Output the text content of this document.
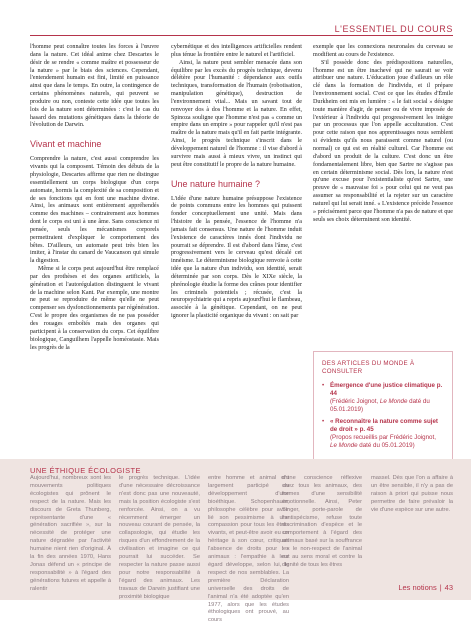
L'ESSENTIEL DU COURS

l'homme peut connaître toutes les forces à l'œuvre dans la nature. Cet idéal anime chez Descartes le désir de se rendre « comme maître et possesseur de la nature » par le biais des sciences. Cependant, l'entendement humain est fini, limité en puissance ainsi que dans le temps. En outre, la contingence de certains phénomènes naturels, qui peuvent se produire ou non, conteste cette idée que toutes les lois de la nature sont déterminées : c'est le cas du hasard des mutations génétiques dans la théorie de l'évolution de Darwin.

Vivant et machine

Comprendre la nature, c'est aussi comprendre les vivants qui la composent. Témoin des débuts de la physiologie, Descartes affirme que rien ne distingue essentiellement un corps biologique d'un corps automate, hormis la complexité de sa composition et de ses fonctions qui en font une machine divine. Ainsi, les animaux sont entièrement appréhendés comme des machines – contrairement aux hommes dont le corps est uni à une âme. Sans conscience ni pensée, seuls les mécanismes corporels permettraient d'expliquer le comportement des bêtes. D'ailleurs, un automate peut très bien les imiter, à l'instar du canard de Vaucanson qui simule la digestion.

Même si le corps peut aujourd'hui être remplacé par des prothèses et des organes artificiels, la génération et l'autorégulation distinguent le vivant de la machine selon Kant. Par exemple, une montre ne peut se reproduire de même qu'elle ne peut compenser ses dysfonctionnements par régénération. C'est le propre des organismes de ne pas posséder des rouages emboîtés mais des organes qui participent à la conservation du corps. Cet équilibre biologique, Canguilhem l'appelle homéostasie. Mais les progrès de la

cybernétique et des intelligences artificielles rendent plus ténue la frontière entre le naturel et l'artificiel.

Ainsi, la nature peut sembler menacée dans son équilibre par les excès du progrès technique, devenu délétère pour l'humanité : dépendance aux outils techniques, transformation de l'humain (robotisation, manipulation génétique), destruction de l'environnement vital... Mais un savant tout de renvoyer dos à dos l'homme et la nature. En effet, Spinoza souligne que l'homme n'est pas « comme un empire dans un empire » pour rappeler qu'il n'est pas maître de la nature mais qu'il en fait partie intégrante. Ainsi, le progrès technique s'inscrit dans le développement naturel de l'homme : il vise d'abord à survivre mais aussi à mieux vivre, un instinct qui peut être constitutif le propre de la nature humaine.

Une nature humaine ?

L'idée d'une nature humaine présuppose l'existence de points communs entre les hommes qui puissent fonder conceptuellement une unité. Mais dans l'histoire de la pensée, l'essence de l'homme n'a jamais fait consensus. Une nature de l'homme induit l'existence de caractères innés dont l'individu ne pourrait se déprendre. Il est d'abord dans l'âme, c'est progressivement vers le cerveau qu'est décalé cet innéisme. Le déterminisme biologique renvoie à cette idée que la nature d'un individu, son identité, serait déterminée par son corps. Dès le XIXe siècle, la phrénologie étudie la forme des crânes pour identifier les criminels potentiels ; récusée, c'est la neuropsychiatrie qui a repris aujourd'hui le flambeau, associée à la génétique. Cependant, on ne peut ignorer la plasticité organique du vivant : on sait par

exemple que les connexions neuronales du cerveau se modifient au cours de l'existence.

S'il possède donc des prédispositions naturelles, l'homme est un être inachevé qui ne saurait se voir attribuer une nature. L'éducation joue d'ailleurs un rôle clé dans la formation de l'individu, et il prépare l'environnement social. C'est ce que les études d'Émile Durkheim ont mis en lumière : « le fait social » désigne toute manière d'agir, de penser ou de vivre imposée de l'extérieur à l'individu qui progressivement les intègre par un processus que l'on appelle acculturation. C'est pour cette raison que nos apprentissages nous semblent si évidents qu'ils nous paraissent comme naturel (ou normal) ce qui est en réalité culturel. Car l'homme est d'abord un produit de la culture. C'est donc un être fondamentalement libre, bien que Sartre ne s'agisse pas en certain déterminisme social. Dès lors, la nature n'est qu'une excuse pour l'existentialiste qu'est Sartre, une preuve de « mauvaise foi » pour celui qui ne veut pas assumer sa responsabilité et la rejeter sur un caractère naturel qui lui serait inné. « L'existence précède l'essence » précisément parce que l'homme n'a pas de nature et que seuls ses choix déterminent son identité.

DES ARTICLES DU MONDE À CONSULTER
• Émergence d'une justice climatique p. 44
(Frédéric Joignot, Le Monde daté du 05.01.2019)
• « Reconnaître la nature comme sujet de droit » p. 45
(Propos recueillis par Frédéric Joignot, Le Monde daté du 05.01.2019)
UNE ÉTHIQUE ÉCOLOGISTE
Aujourd'hui, nombreux sont les mouvements politiques écologistes qui prônent le respect de la nature. Mais les discours de Greta Thunberg, représentante d'une « génération sacrifiée », sur la nécessité de protéger une nature dégradée par l'activité humaine nient rien d'original. À la fin des années 1970, Hans Jonas défend un « principe de responsabilité » à l'égard des générations futures et appelle à ralentir
le progrès technique. L'idée d'une nécessaire décroissance n'est donc pas une nouveauté, mais la position écologiste s'est renforcée. Ainsi, on a vu récemment émerger un nouveau courant de pensée, la collapsologie, qui étudie les risques d'un effondrement de la civilisation et imagine ce qui pourrait lui succéder. Se respecter la nature passe aussi pour notre responsabilité à l'égard des animaux. Les travaux de Darwin justifiant une proximité biologique
entre homme et animal ont largement participé au développement d'une bioéthique. Schopenhauer, philosophe célèbre pour avoir lié son pessimisme à une compassion pour tous les êtres vivants, et peut-être avoir eu un héritage à son cœur, critiquait l'absence de droits pour les animaux : l'empathie à leur égard développe, selon lui, le respect de nos semblables. La première Déclaration universelle des droits de l'animal n'a été adoptée qu'en 1977, alors que les études éthologiques ont prouvé, au cours
d'une conscience réflexive chez tous les animaux, des formes d'une sensibilité émotionnelle. Ainsi, Peter Singer, porte-parole de l'antispécisme, refuse toute discrimination d'espèce et le comportement à l'égard des animaux basé sur la souffrance : « le non-respect de l'animal est au sens moral et contre la dignité de tous les êtres
massel. Dès que l'on a affaire à un être sensible, il n'y a pas de raison à priori qui puisse nous permettre de faire prévaloir la vie d'une espèce sur une autre.
Les notions | 43
